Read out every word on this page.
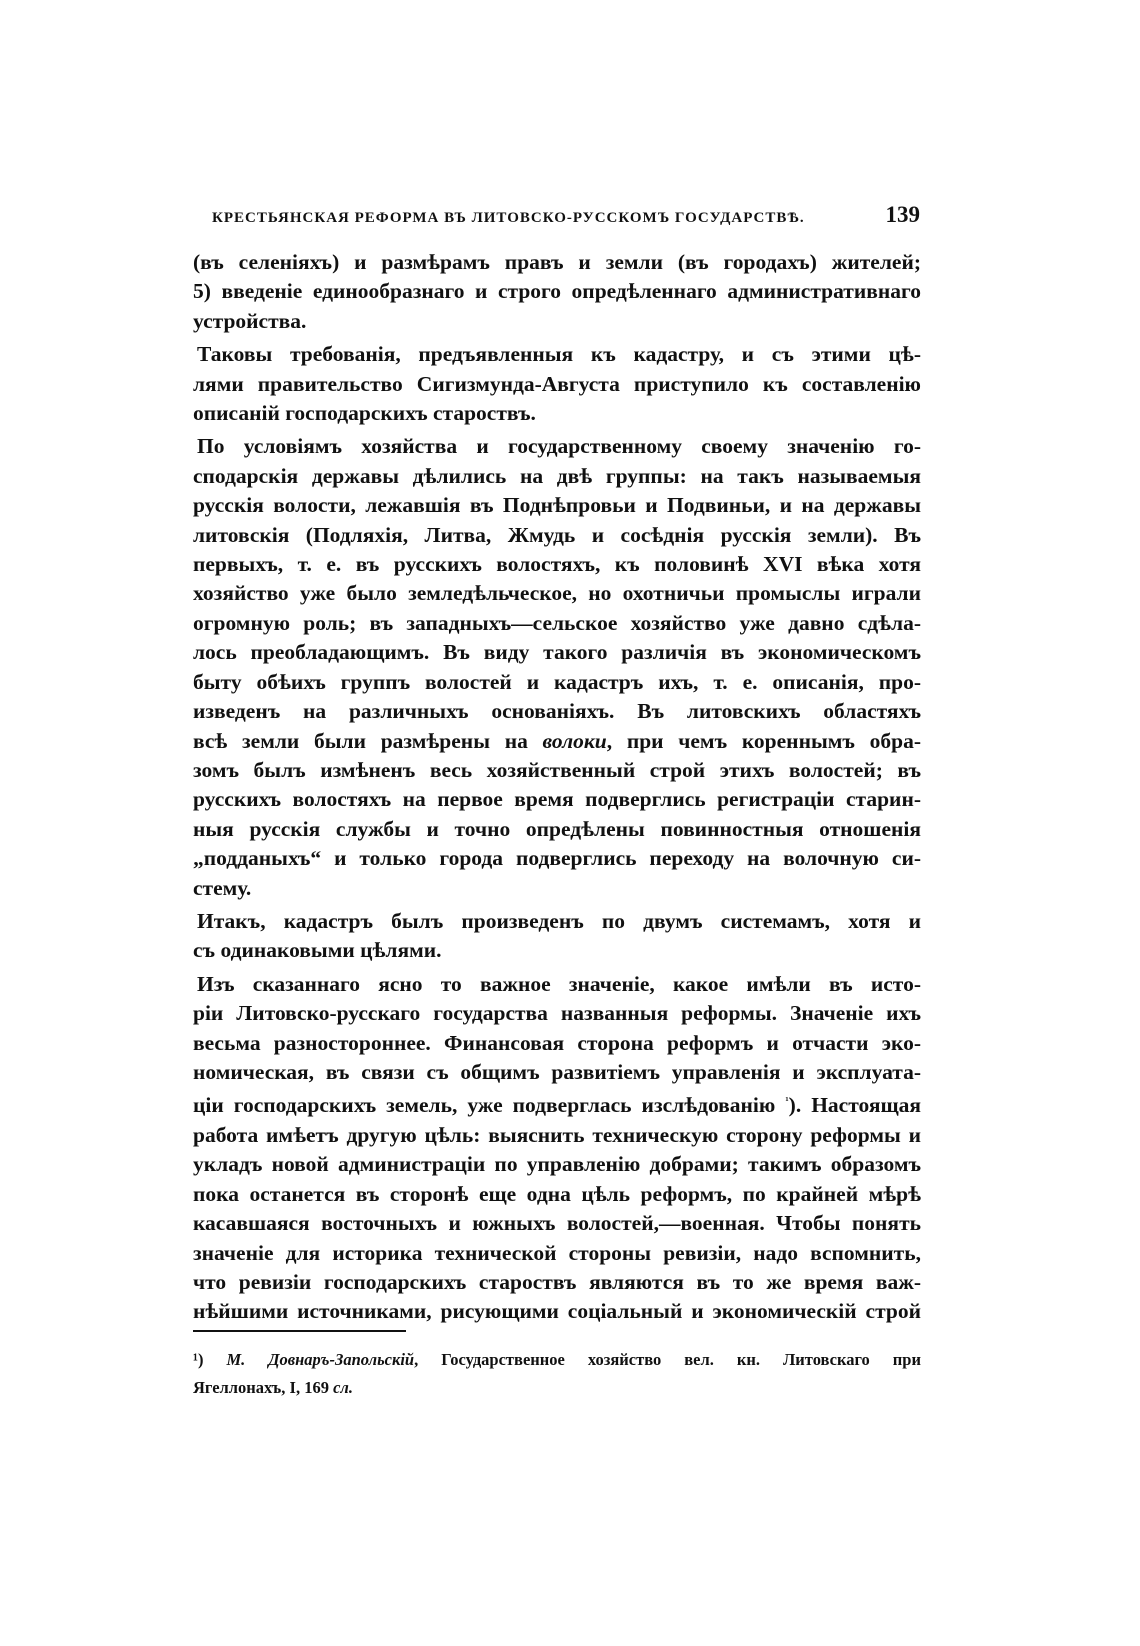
КРЕСТЬЯНСКАЯ РЕФОРМА ВЪ ЛИТОВСКО-РУССКОМЪ ГОСУДАРСТВѢ.	139
(въ селеніяхъ) и размѣрамъ правъ и земли (въ городахъ) жителей;
5) введеніе единообразнаго и строго опредѣленнаго административнаго
устройства.
Таковы требованія, предъявленныя къ кадастру, и съ этими цѣ-
лями правительство Сигизмунда-Августа приступило къ составленію
описаній господарскихъ староствъ.
По условіямъ хозяйства и государственному своему значенію го-
сподарскія державы дѣлились на двѣ группы: на такъ называемыя
русскія волости, лежавшія въ Поднѣпровьи и Подвиньи, и на державы
литовскія (Подляхія, Литва, Жмудь и сосѣднія русскія земли). Въ
первыхъ, т. е. въ русскихъ волостяхъ, къ половинѣ XVI вѣка хотя
хозяйство уже было земледѣльческое, но охотничьи промыслы играли
огромную роль; въ западныхъ—сельское хозяйство уже давно сдѣла-
лось преобладающимъ. Въ виду такого различія въ экономическомъ
быту обѣихъ группъ волостей и кадастръ ихъ, т. е. описанія, про-
изведенъ на различныхъ основаніяхъ. Въ литовскихъ областяхъ
всѣ земли были размѣрены на волоки, при чемъ кореннымъ обра-
зомъ былъ измѣненъ весь хозяйственный строй этихъ волостей; въ
русскихъ волостяхъ на первое время подверглись регистраціи старин-
ныя русскія службы и точно опредѣлены повинностныя отношенія
„подданыхъ“ и только города подверглись переходу на волочную си-
стему.
Итакъ, кадастръ былъ произведенъ по двумъ системамъ, хотя и
съ одинаковыми цѣлями.
Изъ сказаннаго ясно то важное значеніе, какое имѣли въ исто-
ріи Литовско-русскаго государства названныя реформы. Значеніе ихъ
весьма разностороннее. Финансовая сторона реформъ и отчасти эко-
номическая, въ связи съ общимъ развитіемъ управленія и эксплуата-
ціи господарскихъ земель, уже подверглась изслѣдованію $^{^1}$). Настоящая
работа имѣетъ другую цѣль: выяснить техническую сторону реформы и
укладъ новой администраціи по управленію добрами; такимъ образомъ
пока останется въ сторонѣ еще одна цѣль реформъ, по крайней мѣрѣ
касавшаяся восточныхъ и южныхъ волостей,—военная. Чтобы понять
значеніе для историка технической стороны ревизіи, надо вспомнить,
что ревизіи господарскихъ староствъ являются въ то же время важ-
нѣйшими источниками, рисующими соціальный и экономическій строй
¹) М. Довнаръ-Запольскій, Государственное хозяйство вел. кн. Литовскаго при
Ягеллонахъ, I, 169 сл.
